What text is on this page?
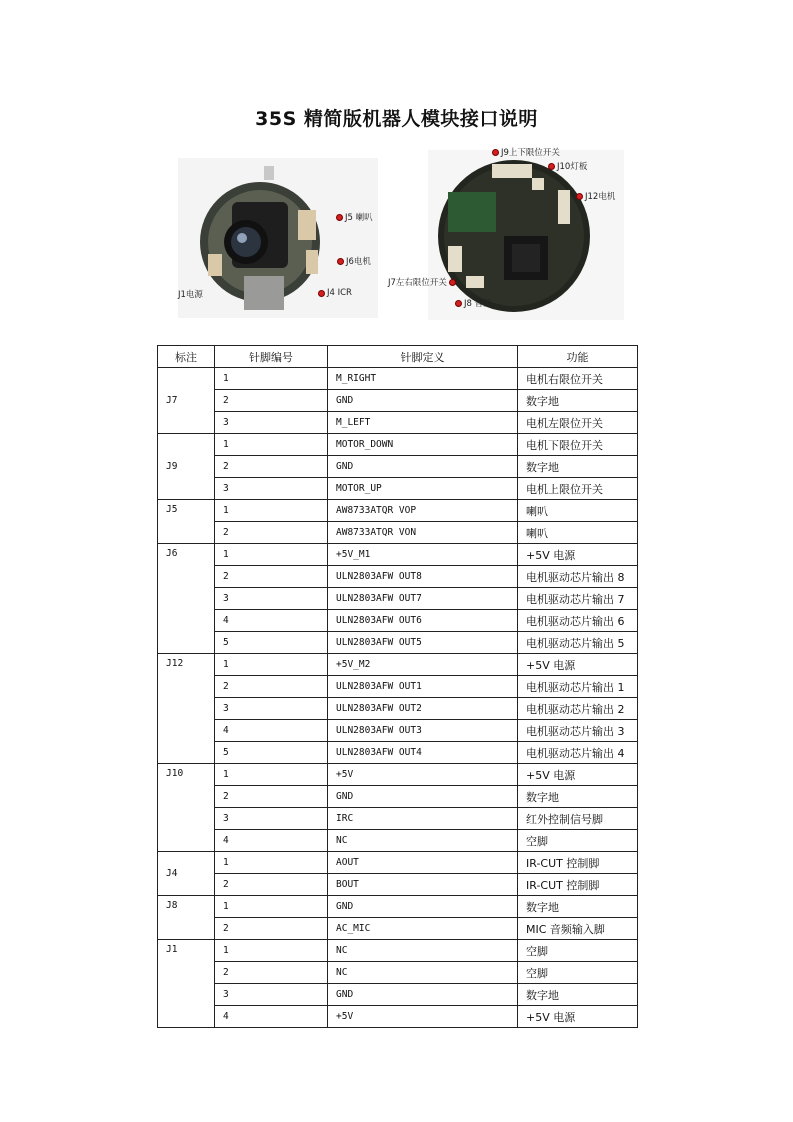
35S 精简版机器人模块接口说明
J5 喇叭
J6电机
J1电源	J4 ICR
J9上下限位开关
J10灯板
J12电机
J7左右限位开关
J8 音频
标注	针脚编号	针脚定义	功能
J7	1	M_RIGHT	电机右限位开关
	2	GND	数字地
	3	M_LEFT	电机左限位开关
J9	1	MOTOR_DOWN	电机下限位开关
	2	GND	数字地
	3	MOTOR_UP	电机上限位开关
J5	1	AW8733ATQR VOP	喇叭
	2	AW8733ATQR VON	喇叭
J6	1	+5V_M1	+5V 电源
	2	ULN2803AFW OUT8	电机驱动芯片输出 8
	3	ULN2803AFW OUT7	电机驱动芯片输出 7
	4	ULN2803AFW OUT6	电机驱动芯片输出 6
	5	ULN2803AFW OUT5	电机驱动芯片输出 5
J12	1	+5V_M2	+5V 电源
	2	ULN2803AFW OUT1	电机驱动芯片输出 1
	3	ULN2803AFW OUT2	电机驱动芯片输出 2
	4	ULN2803AFW OUT3	电机驱动芯片输出 3
	5	ULN2803AFW OUT4	电机驱动芯片输出 4
J10	1	+5V	+5V 电源
	2	GND	数字地
	3	IRC	红外控制信号脚
	4	NC	空脚
J4	1	AOUT	IR-CUT 控制脚
	2	BOUT	IR-CUT 控制脚
J8	1	GND	数字地
	2	AC_MIC	MIC 音频输入脚
J1	1	NC	空脚
	2	NC	空脚
	3	GND	数字地
	4	+5V	+5V 电源
